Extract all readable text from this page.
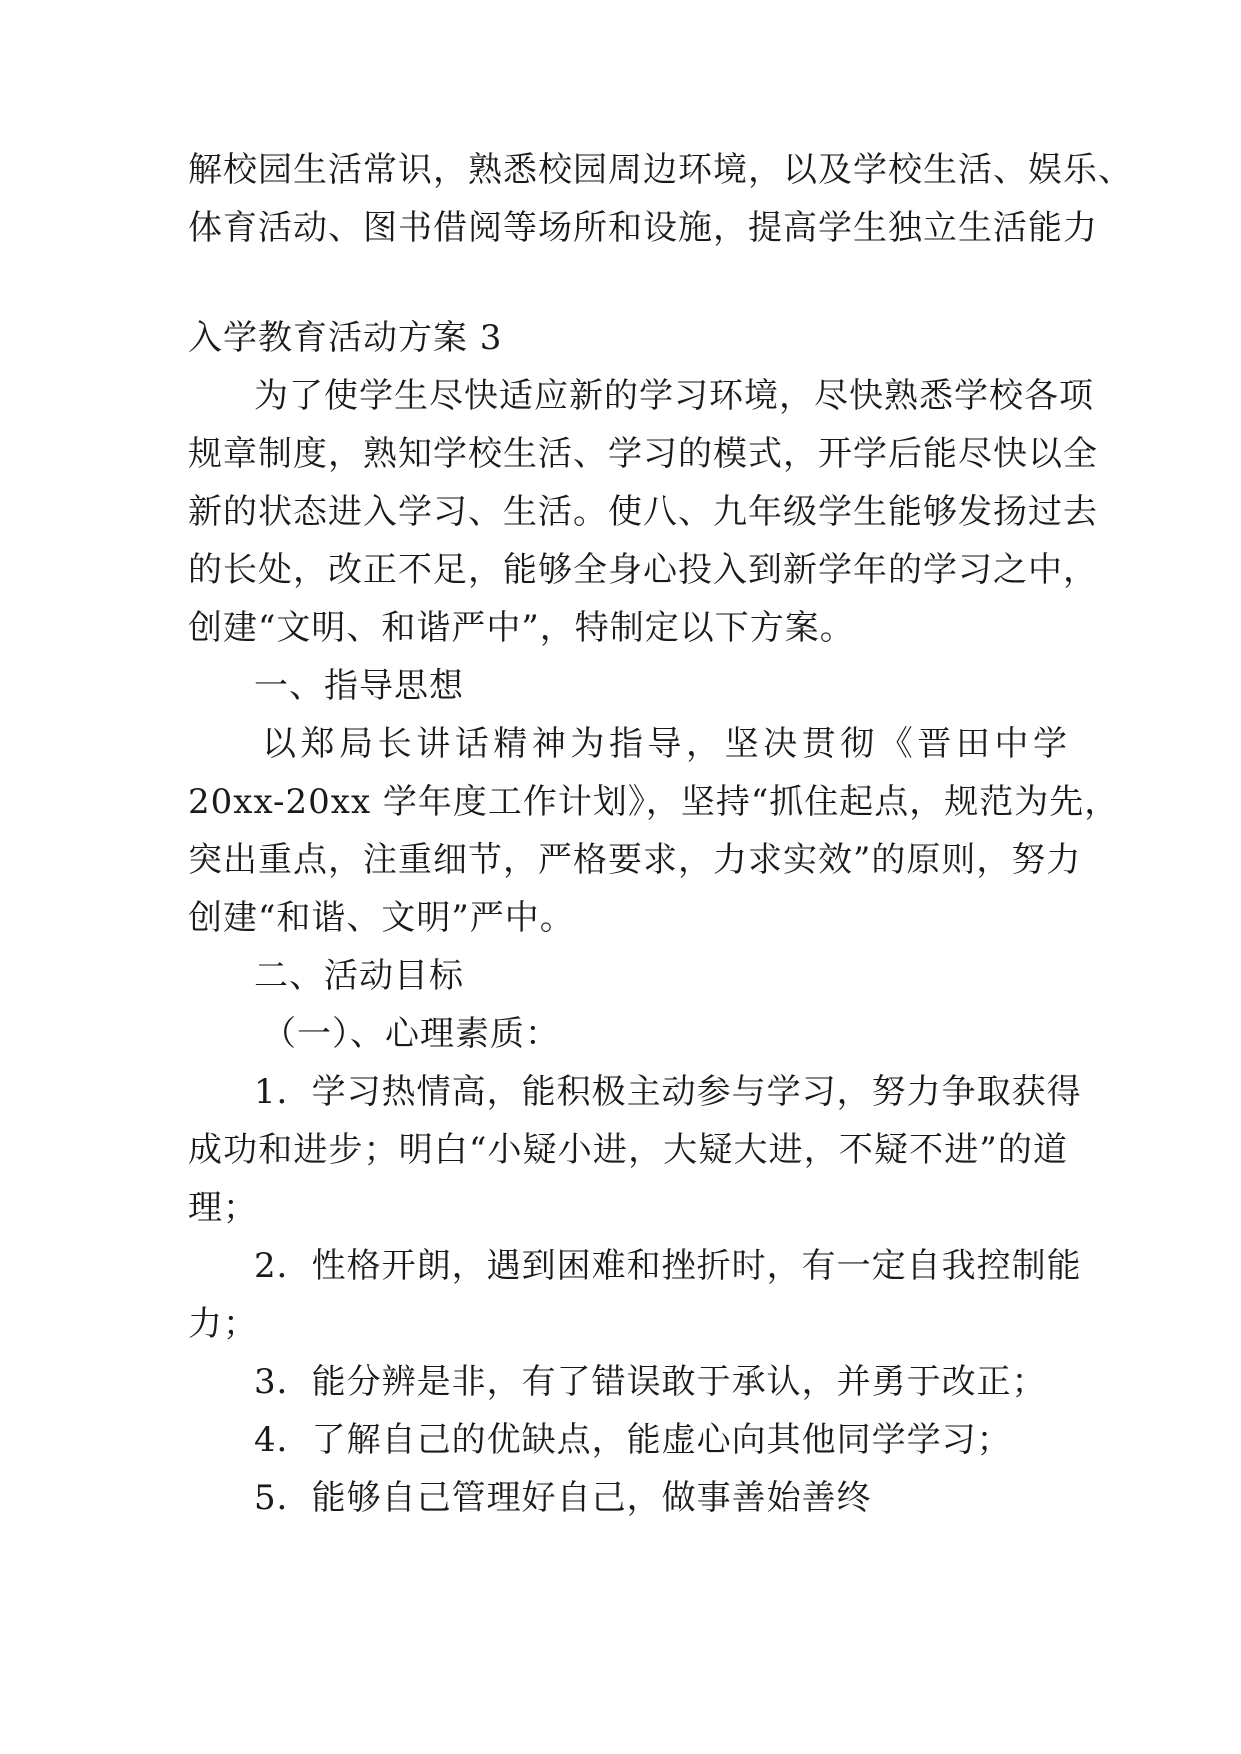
解校园生活常识，熟悉校园周边环境，以及学校生活、娱乐、
体育活动、图书借阅等场所和设施，提高学生独立生活能力
入学教育活动方案 3
为了使学生尽快适应新的学习环境，尽快熟悉学校各项
规章制度，熟知学校生活、学习的模式，开学后能尽快以全
新的状态进入学习、生活。使八、九年级学生能够发扬过去
的长处，改正不足，能够全身心投入到新学年的学习之中，
创建“文明、和谐严中”，特制定以下方案。
一、指导思想
以郑局长讲话精神为指导，坚决贯彻《晋田中学
20xx-20xx 学年度工作计划》，坚持“抓住起点，规范为先，
突出重点，注重细节，严格要求，力求实效”的原则，努力
创建“和谐、文明”严中。
二、活动目标
（一）、心理素质：
1．学习热情高，能积极主动参与学习，努力争取获得
成功和进步；明白“小疑小进，大疑大进，不疑不进”的道
理；
2．性格开朗，遇到困难和挫折时，有一定自我控制能
力；
3．能分辨是非，有了错误敢于承认，并勇于改正；
4．了解自己的优缺点，能虚心向其他同学学习；
5．能够自己管理好自己，做事善始善终
